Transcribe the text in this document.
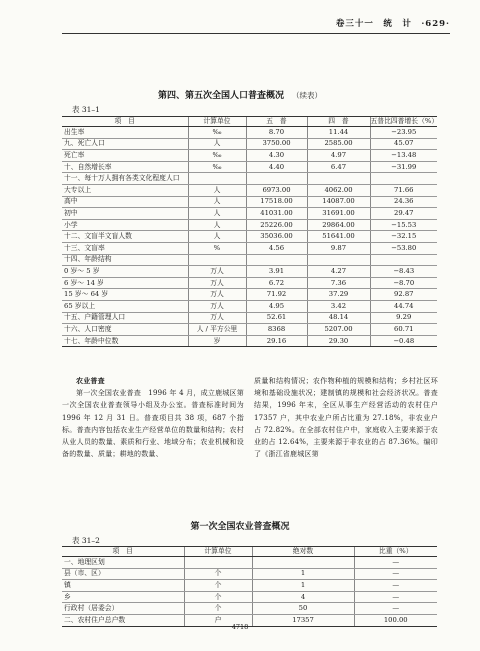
卷三十一　统　计　·629·
第四、第五次全国人口普查概况 （续表）
表 31–1
项　目	计算单位	五　普	四　普	五普比四普增长（%）
出生率	‰	8.70	11.44	−23.95
九、死亡人口	人	3750.00	2585.00	45.07
死亡率	‰	4.30	4.97	−13.48
十、自然增长率	‰	4.40	6.47	−31.99
十一、每十万人拥有各类文化程度人口				
大专以上	人	6973.00	4062.00	71.66
高中	人	17518.00	14087.00	24.36
初中	人	41031.00	31691.00	29.47
小学	人	25226.00	29864.00	−15.53
十二、文盲半文盲人数	人	35036.00	51641.00	−32.15
十三、文盲率	%	4.56	9.87	−53.80
十四、年龄结构				
0 岁～ 5 岁	万人	3.91	4.27	−8.43
6 岁～ 14 岁	万人	6.72	7.36	−8.70
15 岁～ 64 岁	万人	71.92	37.29	92.87
65 岁以上	万人	4.95	3.42	44.74
十五、户籍管理人口	万人	52.61	48.14	9.29
十六、人口密度	人 / 平方公里	8368	5207.00	60.71
十七、年龄中位数	岁	29.16	29.30	−0.48
农业普查
第一次全国农业普查　1996 年 4 月，成立鹿城区第一次全国农业普查领导小组及办公室。普查标准时间为 1996 年 12 月 31 日。普查项目共 38 项，687 个指标。普查内容包括农业生产经营单位的数量和结构；农村从业人员的数量、素质和行业、地域分布；农业机械和设备的数量、质量；耕地的数量、
质量和结构情况；农作物种植的规模和结构；乡村社区环境和基础设施状况；建制镇的规模和社会经济状况。普查结果，1996 年末，全区从事生产经营活动的农村住户 17357 户，其中农业户所占比重为 27.18%，非农业户占 72.82%。在全部农村住户中，家庭收入主要来源于农业的占 12.64%，主要来源于非农业的占 87.36%。编印了《浙江省鹿城区第
第一次全国农业普查概况
表 31–2
项　目	计算单位	绝对数	比重（%）
一、地理区划			—
县（市、区）	个	1	—
镇	个	1	—
乡	个	4	—
行政村（居委会）	个	50	—
二、农村住户总户数	户	17357	100.00
4718
